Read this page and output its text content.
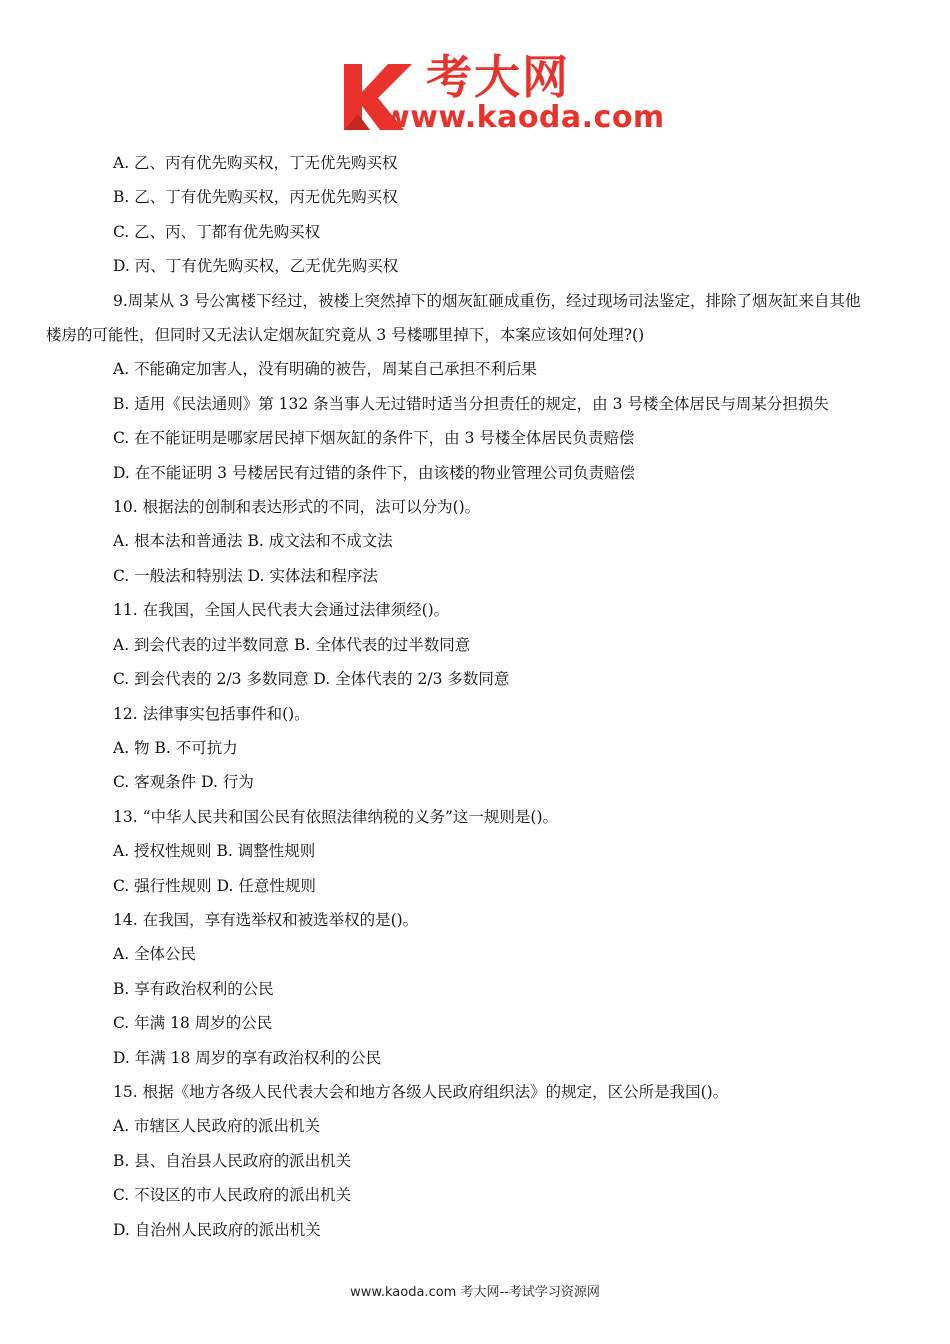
考大网
www.kaoda.com
A. 乙、丙有优先购买权，丁无优先购买权
B. 乙、丁有优先购买权，丙无优先购买权
C. 乙、丙、丁都有优先购买权
D. 丙、丁有优先购买权，乙无优先购买权
9.周某从 3 号公寓楼下经过，被楼上突然掉下的烟灰缸砸成重伤，经过现场司法鉴定，排除了烟灰缸来自其他
楼房的可能性，但同时又无法认定烟灰缸究竟从 3 号楼哪里掉下，本案应该如何处理?()
A. 不能确定加害人，没有明确的被告，周某自己承担不利后果
B. 适用《民法通则》第 132 条当事人无过错时适当分担责任的规定，由 3 号楼全体居民与周某分担损失
C. 在不能证明是哪家居民掉下烟灰缸的条件下，由 3 号楼全体居民负责赔偿
D. 在不能证明 3 号楼居民有过错的条件下，由该楼的物业管理公司负责赔偿
10. 根据法的创制和表达形式的不同，法可以分为()。
A. 根本法和普通法 B. 成文法和不成文法
C. 一般法和特别法 D. 实体法和程序法
11. 在我国，全国人民代表大会通过法律须经()。
A. 到会代表的过半数同意 B. 全体代表的过半数同意
C. 到会代表的 2/3 多数同意 D. 全体代表的 2/3 多数同意
12. 法律事实包括事件和()。
A. 物 B. 不可抗力
C. 客观条件 D. 行为
13. “中华人民共和国公民有依照法律纳税的义务”这一规则是()。
A. 授权性规则 B. 调整性规则
C. 强行性规则 D. 任意性规则
14. 在我国，享有选举权和被选举权的是()。
A. 全体公民
B. 享有政治权利的公民
C. 年满 18 周岁的公民
D. 年满 18 周岁的享有政治权利的公民
15. 根据《地方各级人民代表大会和地方各级人民政府组织法》的规定，区公所是我国()。
A. 市辖区人民政府的派出机关
B. 县、自治县人民政府的派出机关
C. 不设区的市人民政府的派出机关
D. 自治州人民政府的派出机关
www.kaoda.com 考大网--考试学习资源网
